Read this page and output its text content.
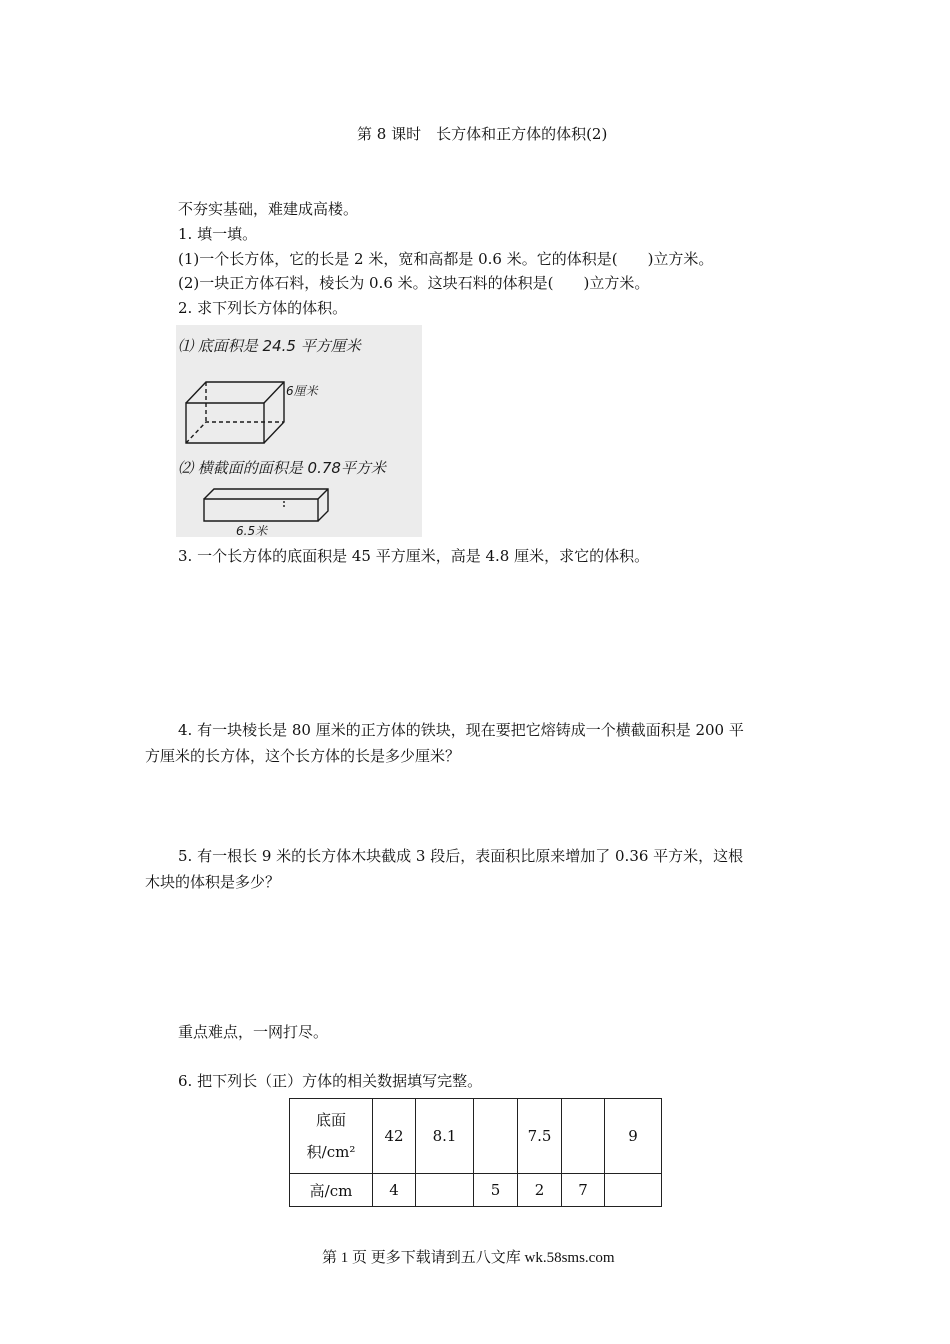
第 8 课时　长方体和正方体的体积(2)
不夯实基础，难建成高楼。
1. 填一填。
(1)一个长方体，它的长是 2 米，宽和高都是 0.6 米。它的体积是(　　)立方米。
(2)一块正方体石料，棱长为 0.6 米。这块石料的体积是(　　)立方米。
2. 求下列长方体的体积。
⑴ 底面积是 24.5 平方厘米
6厘米
⑵ 横截面的面积是 0.78平方米
6.5米
3. 一个长方体的底面积是 45 平方厘米，高是 4.8 厘米，求它的体积。
4. 有一块棱长是 80 厘米的正方体的铁块，现在要把它熔铸成一个横截面积是 200 平
方厘米的长方体，这个长方体的长是多少厘米？
5. 有一根长 9 米的长方体木块截成 3 段后，表面积比原来增加了 0.36 平方米，这根
木块的体积是多少？
重点难点，一网打尽。
6. 把下列长（正）方体的相关数据填写完整。
底面
积/cm²	42	8.1		7.5		9
高/cm	4		5	2	7	
第 1 页 更多下载请到五八文库 wk.58sms.com
